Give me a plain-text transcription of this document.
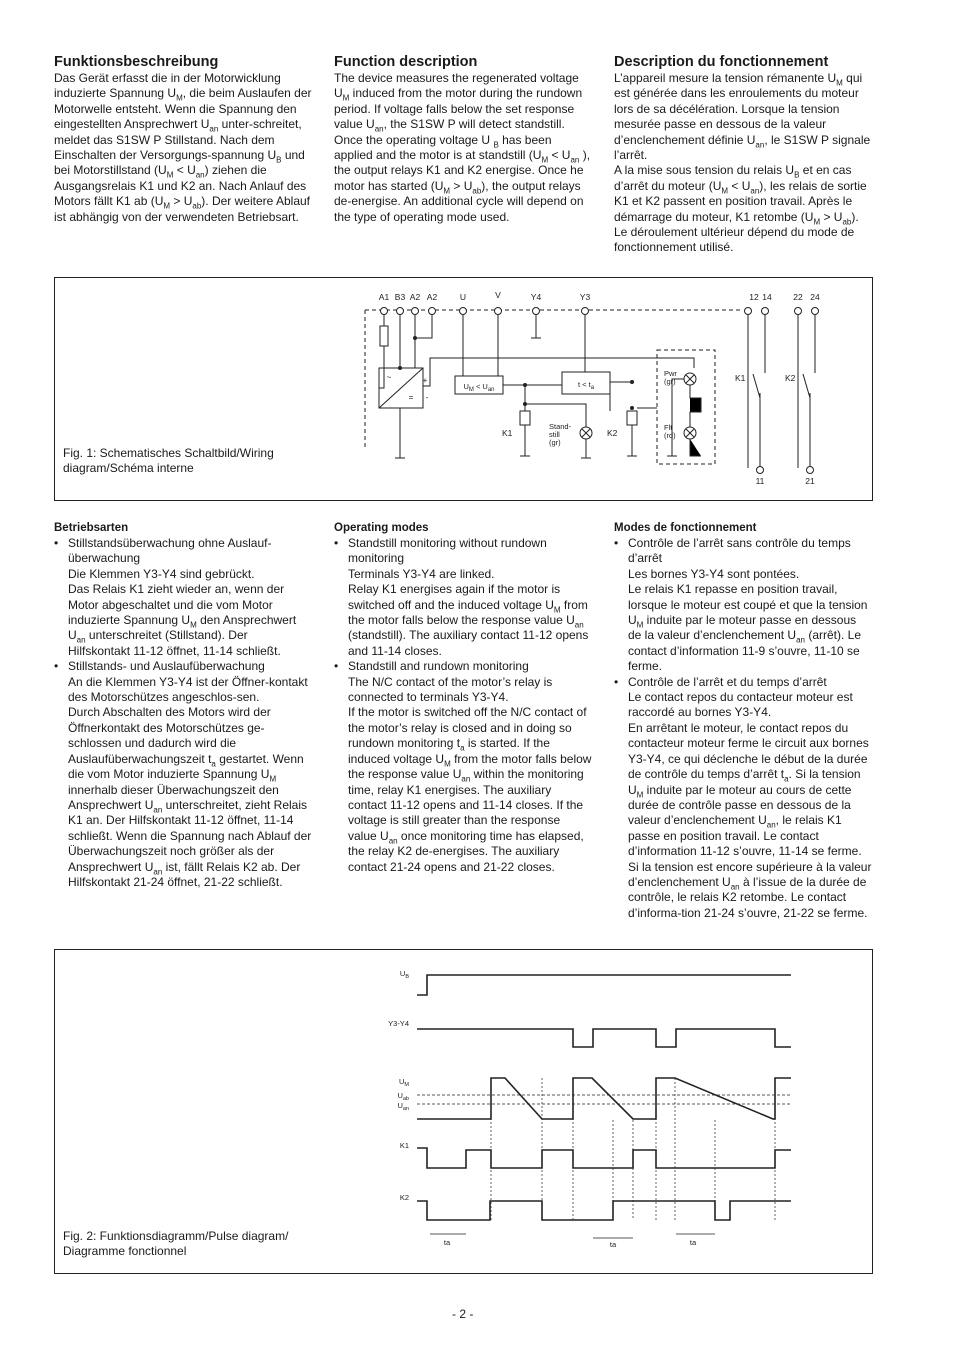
Funktionsbeschreibung

Das Gerät erfasst die in der Motorwicklung induzierte Spannung $U_M$, die beim Auslaufen der Motorwelle entsteht. Wenn die Spannung den eingestellten Ansprechwert $U_{an}$ unter-schreitet, meldet das S1SW P Stillstand. Nach dem Einschalten der Versorgungs-spannung $U_B$ und bei Motorstillstand $(U_M < U_{an})$ ziehen die Ausgangsrelais K1 und K2 an. Nach Anlauf des Motors fällt K1 ab $(U_M > U_{ab})$. Der weitere Ablauf ist abhängig von der verwendeten Betriebsart.

Function description

The device measures the regenerated voltage $U_M$ induced from the motor during the rundown period. If voltage falls below the set response value $U_{an}$, the S1SW P will detect standstill.
Once the operating voltage U $_B$ has been applied and the motor is at standstill ($U_M < U_{an}$ ), the output relays K1 and K2 energise. Once he motor has started $(U_M > U_{ab})$, the output relays de-energise. An additional cycle will depend on the type of operating mode used.

Description du fonctionnement

L’appareil mesure la tension rémanente $U_M$ qui est générée dans les enroulements du moteur lors de sa décélération. Lorsque la tension mesurée passe en dessous de la valeur d’enclenchement définie $U_{an}$, le S1SW P signale l’arrêt.
A la mise sous tension du relais $U_B$ et en cas d’arrêt du moteur $(U_M < U_{an})$, les relais de sortie K1 et K2 passent en position travail. Après le démarrage du moteur, K1 retombe $(U_M > U_{ab})$. Le déroulement ultérieur dépend du mode de fonctionnement utilisé.

Fig. 1: Schematisches Schaltbild/Wiring diagram/Schéma interne
A1 B3 A2 A2	U	V	Y4	Y3	12 14	22 24
11	21
$U_M < U_{an}$
$t < t_a$
~
=
+
-
K1	K2
K1	K2
Stand-
still
(gr)
Pwr
(gr)
Flt
(rd)
Betriebsarten
• Stillstandsüberwachung ohne Auslauf-überwachung
Die Klemmen Y3-Y4 sind gebrückt.
Das Relais K1 zieht wieder an, wenn der Motor abgeschaltet und die vom Motor induzierte Spannung $U_M$ den Ansprechwert $U_{an}$ unterschreitet (Stillstand). Der Hilfskontakt 11-12 öffnet, 11-14 schließt.
• Stillstands- und Auslaufüberwachung
An die Klemmen Y3-Y4 ist der Öffner-kontakt des Motorschützes angeschlos-sen.
Durch Abschalten des Motors wird der Öffnerkontakt des Motorschützes ge-schlossen und dadurch wird die Auslaufüberwachungszeit $t_a$ gestartet. Wenn die vom Motor induzierte Spannung $U_M$ innerhalb dieser Überwachungszeit den Ansprechwert $U_{an}$ unterschreitet, zieht Relais K1 an. Der Hilfskontakt 11-12 öffnet, 11-14 schließt. Wenn die Spannung nach Ablauf der Überwachungszeit noch größer als der Ansprechwert $U_{an}$ ist, fällt Relais K2 ab. Der Hilfskontakt 21-24 öffnet, 21-22 schließt.
Operating modes
• Standstill monitoring without rundown monitoring
Terminals Y3-Y4 are linked.
Relay K1 energises again if the motor is switched off and the induced voltage $U_M$ from the motor falls below the response value $U_{an}$ (standstill). The auxiliary contact 11-12 opens and 11-14 closes.
• Standstill and rundown monitoring
The N/C contact of the motor’s relay is connected to terminals Y3-Y4.
If the motor is switched off the N/C contact of the motor’s relay is closed and in doing so rundown monitoring $t_a$ is started. If the induced voltage $U_M$ from the motor falls below the response value $U_{an}$ within the monitoring time, relay K1 energises. The auxiliary contact 11-12 opens and 11-14 closes. If the voltage is still greater than the response value $U_{an}$ once monitoring time has elapsed, the relay K2 de-energises. The auxiliary contact 21-24 opens and 21-22 closes.
Modes de fonctionnement
• Contrôle de l’arrêt sans contrôle du temps d’arrêt
Les bornes Y3-Y4 sont pontées.
Le relais K1 repasse en position travail, lorsque le moteur est coupé et que la tension $U_M$ induite par le moteur passe en dessous de la valeur d’enclenchement $U_{an}$ (arrêt). Le contact d’information 11-9 s’ouvre, 11-10 se ferme.
• Contrôle de l’arrêt et du temps d’arrêt
Le contact repos du contacteur moteur est raccordé au bornes Y3-Y4.
En arrêtant le moteur, le contact repos du contacteur moteur ferme le circuit aux bornes Y3-Y4, ce qui déclenche le début de la durée de contrôle du temps d’arrêt $t_a$. Si la tension $U_M$ induite par le moteur au cours de cette durée de contrôle passe en dessous de la valeur d’enclenchement $U_{an}$, le relais K1 passe en position travail. Le contact d’information 11-12 s’ouvre, 11-14 se ferme. Si la tension est encore supérieure à la valeur d’enclenchement $U_{an}$ à l’issue de la durée de contrôle, le relais K2 retombe. Le contact d’informa-tion 21-24 s’ouvre, 21-22 se ferme.
Fig. 2: Funktionsdiagramm/Pulse diagram/ Diagramme fonctionnel
$U_B$
Y3-Y4
$U_M$
$U_{ab}$
$U_{an}$
K1
K2
ta	ta	ta
- 2 -
